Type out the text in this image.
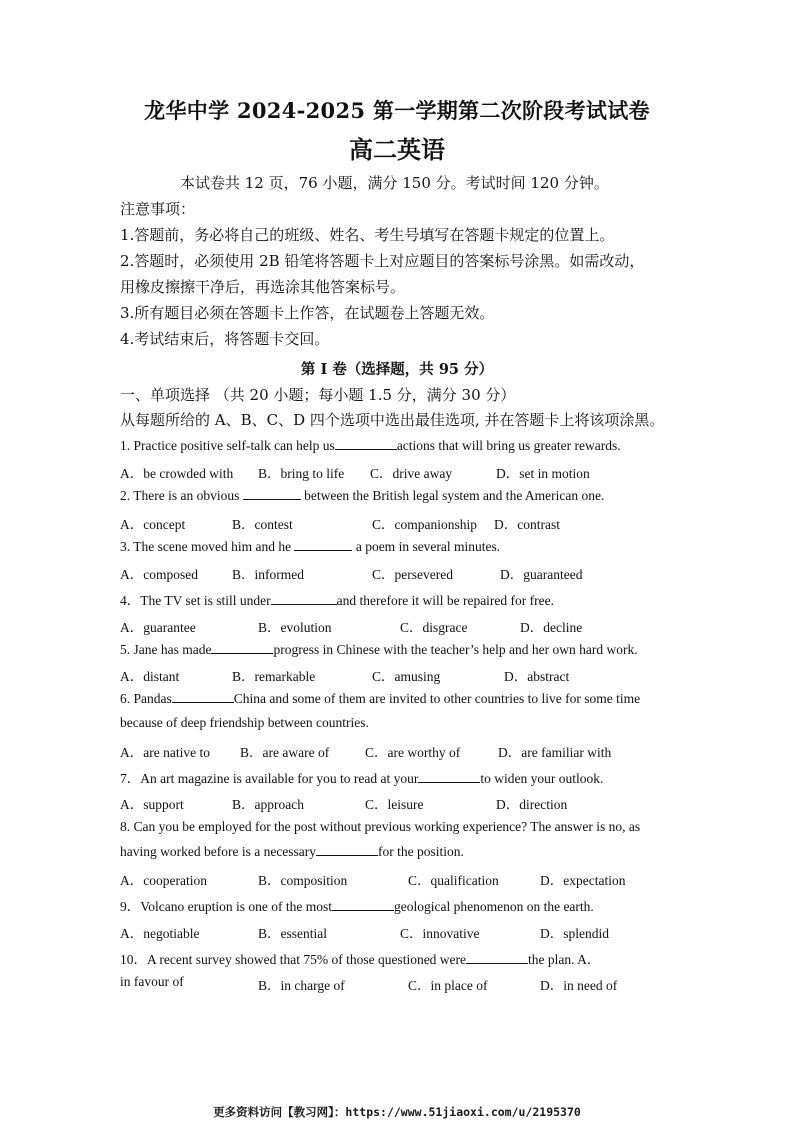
龙华中学 2024-2025 第一学期第二次阶段考试试卷
高二英语
本试卷共 12 页，76 小题，满分 150 分。考试时间 120 分钟。
注意事项：
1.答题前，务必将自己的班级、姓名、考生号填写在答题卡规定的位置上。
2.答题时，必须使用 2B 铅笔将答题卡上对应题目的答案标号涂黑。如需改动，
用橡皮擦擦干净后，再选涂其他答案标号。
3.所有题目必须在答题卡上作答，在试题卷上答题无效。
4.考试结束后，将答题卡交回。
第 I 卷（选择题，共 95 分）
一、单项选择 （共 20 小题；每小题 1.5 分，满分 30 分）
从每题所给的 A、B、C、D 四个选项中选出最佳选项, 并在答题卡上将该项涂黑。
1. Practice positive self-talk can help us	actions that will bring us greater rewards.
A．be crowded with B．bring to life C．drive away	D．set in motion
2. There is an obvious	between the British legal system and the American one.
A．concept	B．contest	C．companionship D．contrast
3. The scene moved him and he	a poem in several minutes.
A．composed	B．informed	C．persevered	D．guaranteed
4．The TV set is still under	and therefore it will be repaired for free.
A．guarantee	B．evolution	C．disgrace	D．decline
5. Jane has made	progress in Chinese with the teacher’s help and her own hard work.
A．distant	B．remarkable	C．amusing	D．abstract
6. Pandas	China and some of them are invited to other countries to live for some time
because of deep friendship between countries.
A．are native to B．are aware of	C．are worthy of	D．are familiar with
7．An art magazine is available for you to read at your	to widen your outlook.
A．support	B．approach	C．leisure	D．direction
8. Can you be employed for the post without previous working experience? The answer is no, as
having worked before is a necessary	for the position.
A．cooperation	B．composition	C．qualification	D．expectation
9．Volcano eruption is one of the most	geological phenomenon on the earth.
A．negotiable	B．essential	C．innovative	D．splendid
10．A recent survey showed that 75% of those questioned were	the plan. A．
in favour of	B．in charge of	C．in place of	D．in need of
更多资料访问【教习网】：https://www.51jiaoxi.com/u/2195370
